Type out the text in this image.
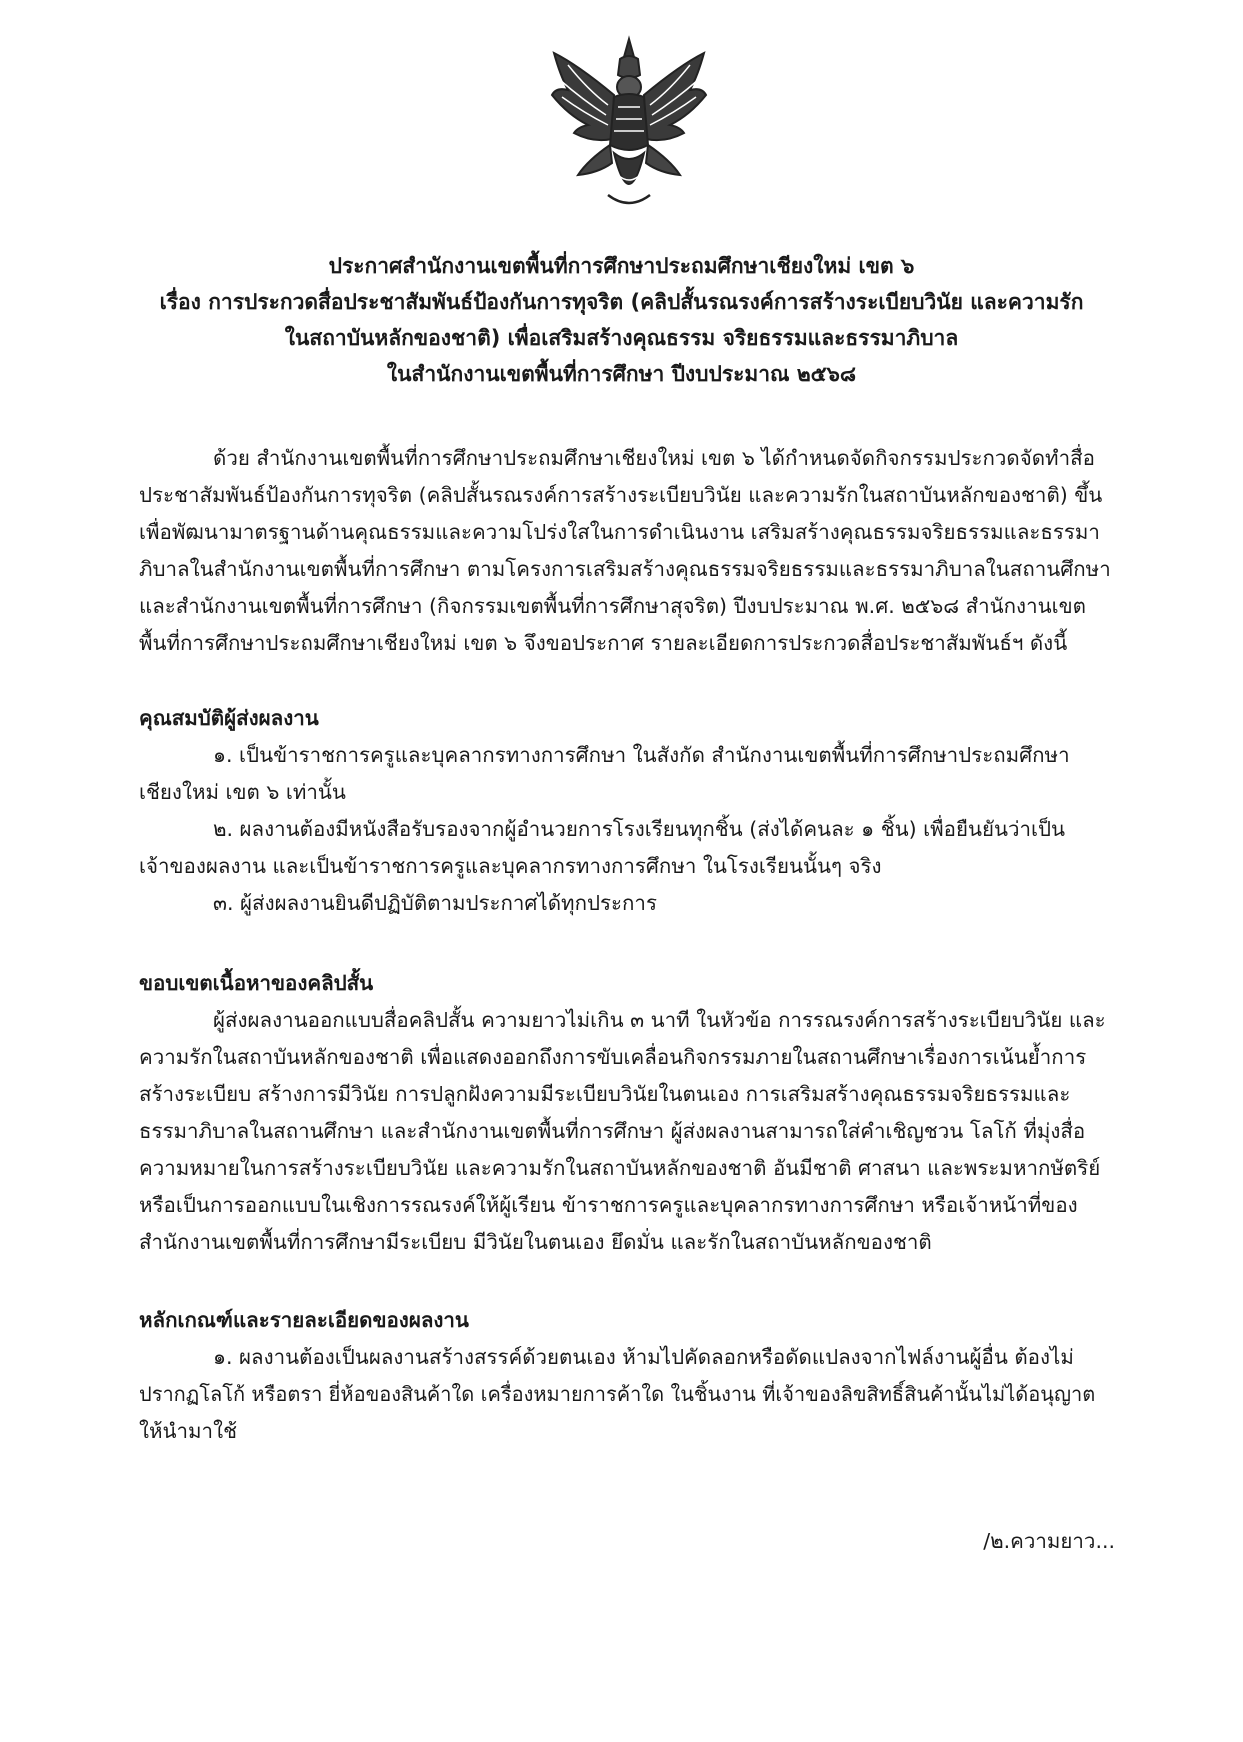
ประกาศสำนักงานเขตพื้นที่การศึกษาประถมศึกษาเชียงใหม่ เขต ๖
เรื่อง การประกวดสื่อประชาสัมพันธ์ป้องกันการทุจริต (คลิปสั้นรณรงค์การสร้างระเบียบวินัย และความรัก
ในสถาบันหลักของชาติ) เพื่อเสริมสร้างคุณธรรม จริยธรรมและธรรมาภิบาล
ในสำนักงานเขตพื้นที่การศึกษา ปีงบประมาณ ๒๕๖๘
ด้วย สำนักงานเขตพื้นที่การศึกษาประถมศึกษาเชียงใหม่ เขต ๖ ได้กำหนดจัดกิจกรรมประกวดจัดทำสื่อ
ประชาสัมพันธ์ป้องกันการทุจริต (คลิปสั้นรณรงค์การสร้างระเบียบวินัย และความรักในสถาบันหลักของชาติ) ขึ้น
เพื่อพัฒนามาตรฐานด้านคุณธรรมและความโปร่งใสในการดำเนินงาน เสริมสร้างคุณธรรมจริยธรรมและธรรมา
ภิบาลในสำนักงานเขตพื้นที่การศึกษา ตามโครงการเสริมสร้างคุณธรรมจริยธรรมและธรรมาภิบาลในสถานศึกษา
และสำนักงานเขตพื้นที่การศึกษา (กิจกรรมเขตพื้นที่การศึกษาสุจริต) ปีงบประมาณ พ.ศ. ๒๕๖๘ สำนักงานเขต
พื้นที่การศึกษาประถมศึกษาเชียงใหม่ เขต ๖ จึงขอประกาศ รายละเอียดการประกวดสื่อประชาสัมพันธ์ฯ ดังนี้
คุณสมบัติผู้ส่งผลงาน
๑. เป็นข้าราชการครูและบุคลากรทางการศึกษา ในสังกัด สำนักงานเขตพื้นที่การศึกษาประถมศึกษา
เชียงใหม่ เขต ๖ เท่านั้น
๒. ผลงานต้องมีหนังสือรับรองจากผู้อำนวยการโรงเรียนทุกชิ้น (ส่งได้คนละ ๑ ชิ้น) เพื่อยืนยันว่าเป็น
เจ้าของผลงาน และเป็นข้าราชการครูและบุคลากรทางการศึกษา ในโรงเรียนนั้นๆ จริง
๓. ผู้ส่งผลงานยินดีปฏิบัติตามประกาศได้ทุกประการ
ขอบเขตเนื้อหาของคลิปสั้น
ผู้ส่งผลงานออกแบบสื่อคลิปสั้น ความยาวไม่เกิน ๓ นาที ในหัวข้อ การรณรงค์การสร้างระเบียบวินัย และ
ความรักในสถาบันหลักของชาติ เพื่อแสดงออกถึงการขับเคลื่อนกิจกรรมภายในสถานศึกษาเรื่องการเน้นย้ำการ
สร้างระเบียบ สร้างการมีวินัย การปลูกฝังความมีระเบียบวินัยในตนเอง การเสริมสร้างคุณธรรมจริยธรรมและ
ธรรมาภิบาลในสถานศึกษา และสำนักงานเขตพื้นที่การศึกษา ผู้ส่งผลงานสามารถใส่คำเชิญชวน โลโก้ ที่มุ่งสื่อ
ความหมายในการสร้างระเบียบวินัย และความรักในสถาบันหลักของชาติ อันมีชาติ ศาสนา และพระมหากษัตริย์
หรือเป็นการออกแบบในเชิงการรณรงค์ให้ผู้เรียน ข้าราชการครูและบุคลากรทางการศึกษา หรือเจ้าหน้าที่ของ
สำนักงานเขตพื้นที่การศึกษามีระเบียบ มีวินัยในตนเอง ยึดมั่น และรักในสถาบันหลักของชาติ
หลักเกณฑ์และรายละเอียดของผลงาน
๑. ผลงานต้องเป็นผลงานสร้างสรรค์ด้วยตนเอง ห้ามไปคัดลอกหรือดัดแปลงจากไฟล์งานผู้อื่น ต้องไม่
ปรากฏโลโก้ หรือตรา ยี่ห้อของสินค้าใด เครื่องหมายการค้าใด ในชิ้นงาน ที่เจ้าของลิขสิทธิ์สินค้านั้นไม่ได้อนุญาต
ให้นำมาใช้
/๒.ความยาว...
